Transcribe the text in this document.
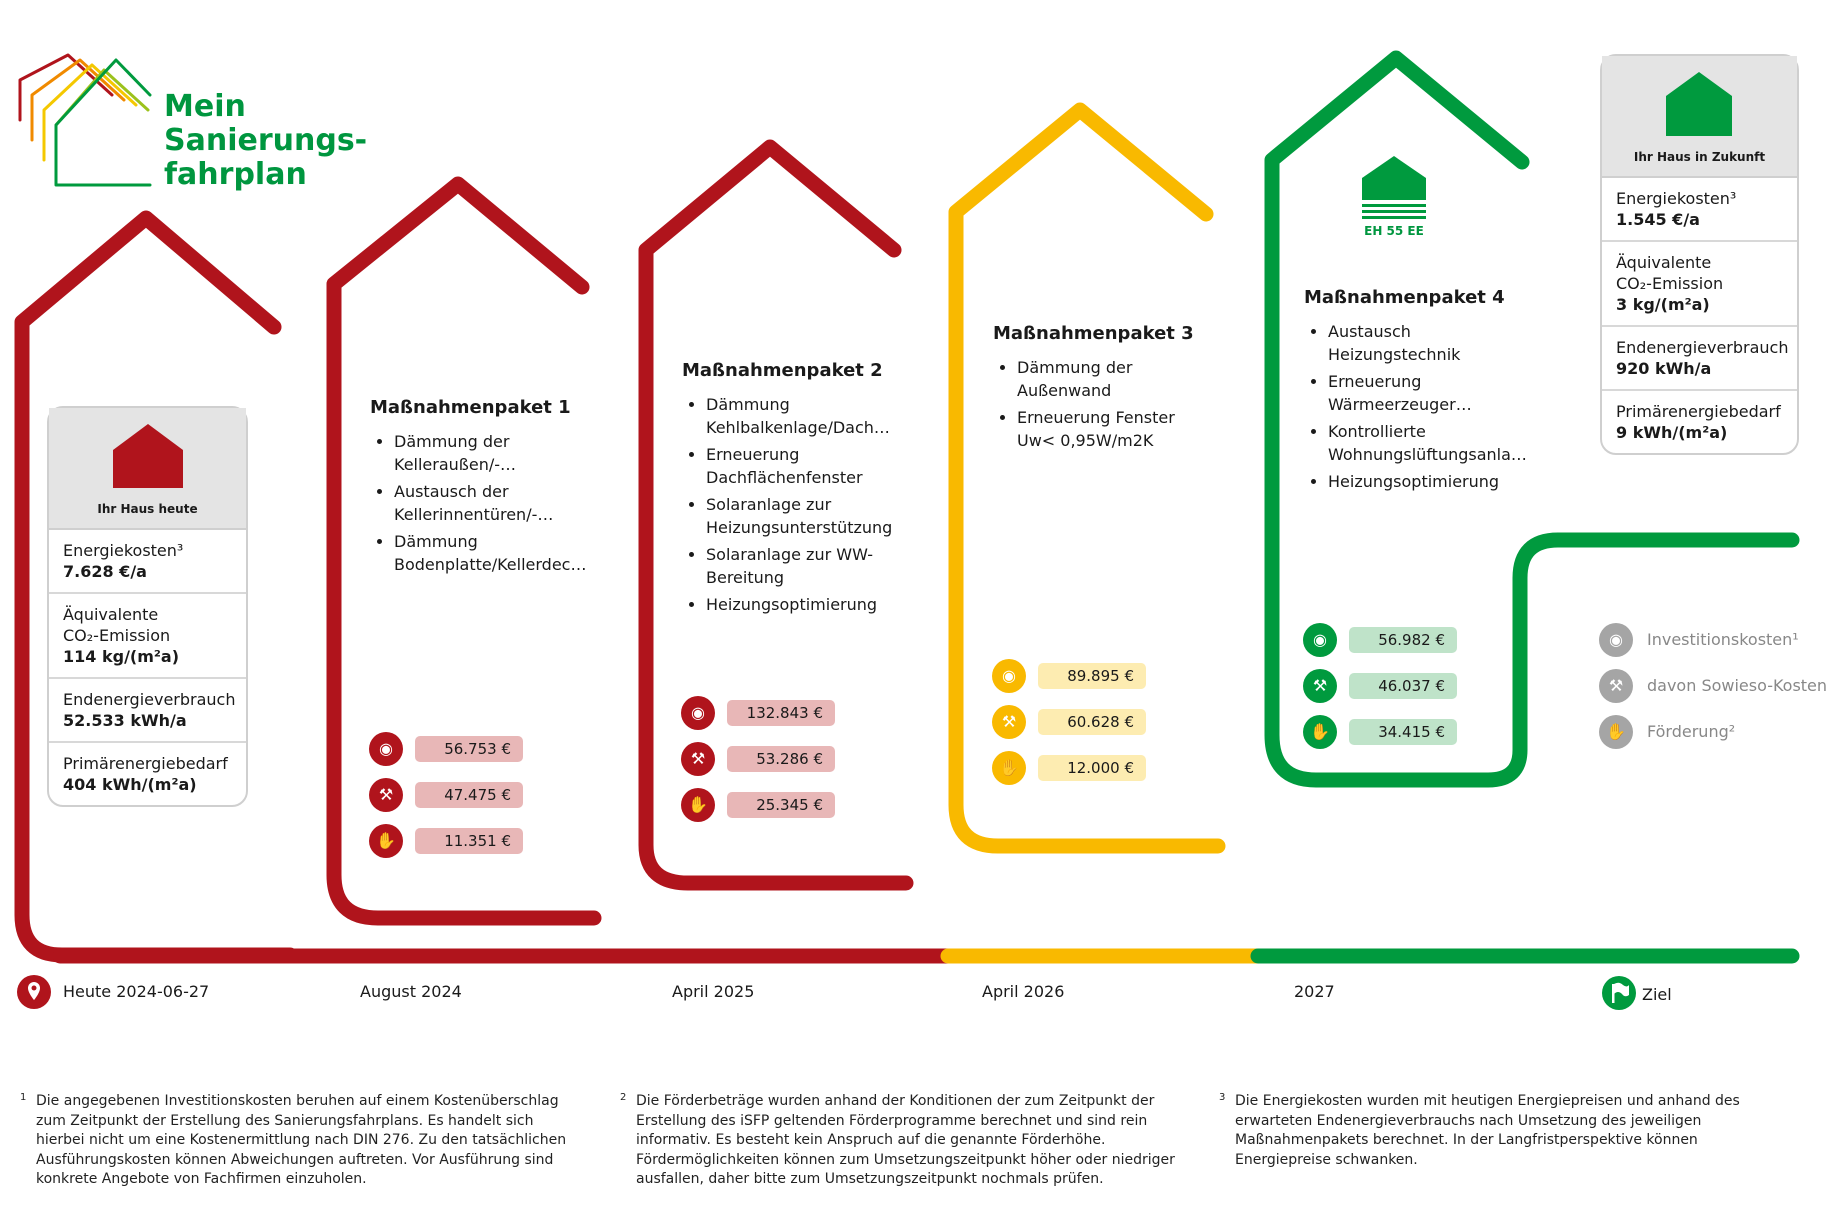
Mein
Sanierungs-
fahrplan
Ihr Haus heute
Energiekosten³
7.628 €/a
Äquivalente
CO₂-Emission
114 kg/(m²a)
Endenergieverbrauch
52.533 kWh/a
Primärenergiebedarf
404 kWh/(m²a)
Ihr Haus in Zukunft
Energiekosten³
1.545 €/a
Äquivalente
CO₂-Emission
3 kg/(m²a)
Endenergieverbrauch
920 kWh/a
Primärenergiebedarf
9 kWh/(m²a)
EH 55 EE
Maßnahmenpaket 1
• Dämmung der Kelleraußen/-…
• Austausch der Kellerinnentüren/-…
• Dämmung Bodenplatte/Kellerdec…
Maßnahmenpaket 2
• Dämmung Kehlbalkenlage/Dach…
• Erneuerung Dachflächenfenster
• Solaranlage zur Heizungsunterstützung
• Solaranlage zur WW-Bereitung
• Heizungsoptimierung
Maßnahmenpaket 3
• Dämmung der Außenwand
• Erneuerung Fenster Uw< 0,95W/m2K
Maßnahmenpaket 4
• Austausch Heizungstechnik
• Erneuerung Wärmeerzeuger…
• Kontrollierte Wohnungslüftungsanla…
• Heizungsoptimierung
◉	56.753 €
⚒	47.475 €
✋	11.351 €
◉	132.843 €
⚒	53.286 €
✋	25.345 €
◉	89.895 €
⚒	60.628 €
✋	12.000 €
◉	56.982 €
⚒	46.037 €
✋	34.415 €
◉	Investitionskosten¹
⚒	davon Sowieso-Kosten
✋	Förderung²
Heute 2024-06-27	August 2024	April 2025	April 2026	2027	Ziel
1 Die angegebenen Investitionskosten beruhen auf einem Kostenüberschlag zum Zeitpunkt der Erstellung des Sanierungsfahrplans. Es handelt sich hierbei nicht um eine Kostenermittlung nach DIN 276. Zu den tatsächlichen Ausführungskosten können Abweichungen auftreten. Vor Ausführung sind konkrete Angebote von Fachfirmen einzuholen.
2 Die Förderbeträge wurden anhand der Konditionen der zum Zeitpunkt der Erstellung des iSFP geltenden Förderprogramme berechnet und sind rein informativ. Es besteht kein Anspruch auf die genannte Förderhöhe. Fördermöglichkeiten können zum Umsetzungszeitpunkt höher oder niedriger ausfallen, daher bitte zum Umsetzungszeitpunkt nochmals prüfen.
3 Die Energiekosten wurden mit heutigen Energiepreisen und anhand des erwarteten Endenergieverbrauchs nach Umsetzung des jeweiligen Maßnahmenpakets berechnet. In der Langfristperspektive können Energiepreise schwanken.
